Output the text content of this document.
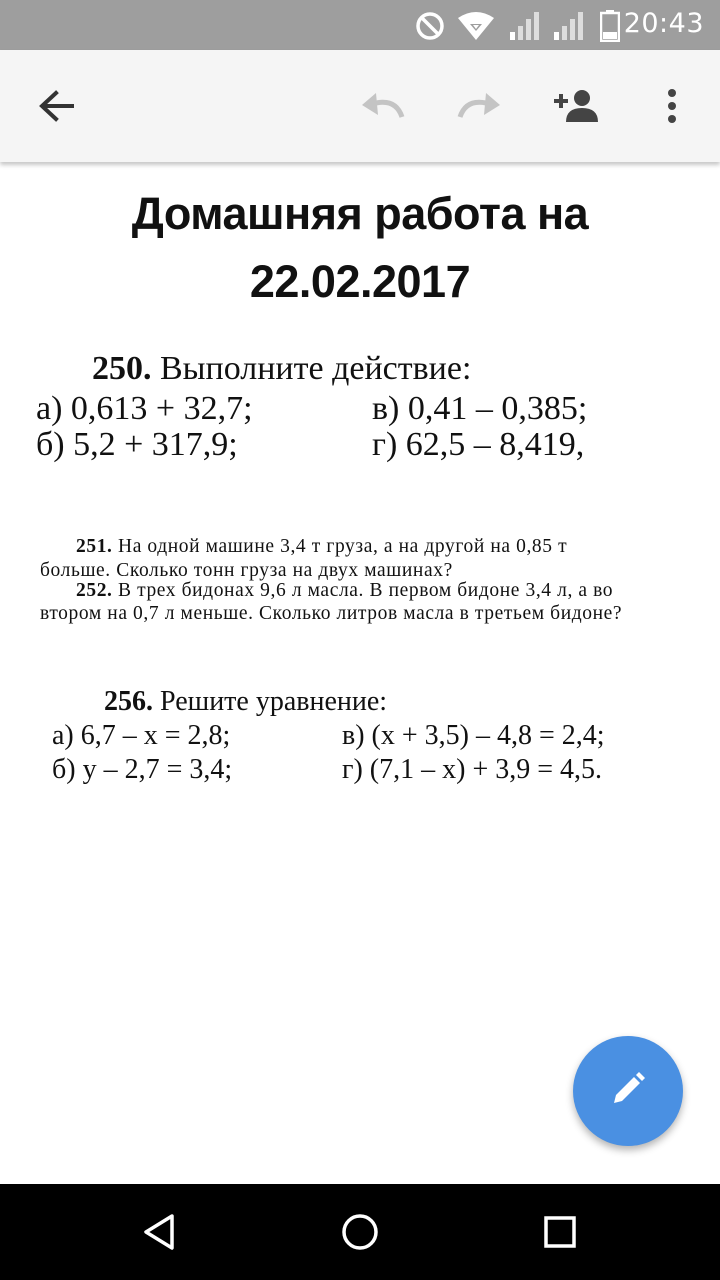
20:43
Домашняя работа на
22.02.2017
250. Выполните действие:
а) 0,613 + 32,7;	в) 0,41 – 0,385;
б) 5,2 + 317,9;	г) 62,5 – 8,419,
251. На одной машине 3,4 т груза, а на другой на 0,85 т
больше. Сколько тонн груза на двух машинах?
252. В трех бидонах 9,6 л масла. В первом бидоне 3,4 л, а во
втором на 0,7 л меньше. Сколько литров масла в третьем бидоне?
256. Решите уравнение:
а) 6,7 – x = 2,8;	в) (x + 3,5) – 4,8 = 2,4;
б) y – 2,7 = 3,4;	г) (7,1 – x) + 3,9 = 4,5.
